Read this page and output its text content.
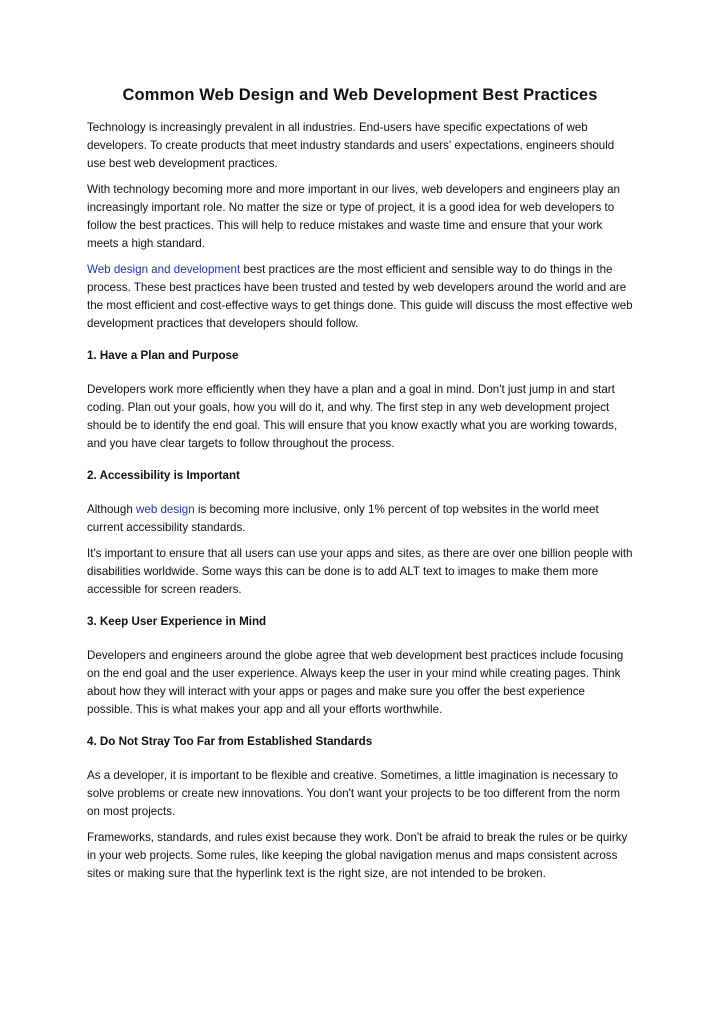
Common Web Design and Web Development Best Practices

Technology is increasingly prevalent in all industries. End-users have specific expectations of web developers. To create products that meet industry standards and users' expectations, engineers should use best web development practices.

With technology becoming more and more important in our lives, web developers and engineers play an increasingly important role. No matter the size or type of project, it is a good idea for web developers to follow the best practices. This will help to reduce mistakes and waste time and ensure that your work meets a high standard.

Web design and development best practices are the most efficient and sensible way to do things in the process. These best practices have been trusted and tested by web developers around the world and are the most efficient and cost-effective ways to get things done. This guide will discuss the most effective web development practices that developers should follow.

1. Have a Plan and Purpose

Developers work more efficiently when they have a plan and a goal in mind. Don't just jump in and start coding. Plan out your goals, how you will do it, and why. The first step in any web development project should be to identify the end goal. This will ensure that you know exactly what you are working towards, and you have clear targets to follow throughout the process.

2. Accessibility is Important

Although web design is becoming more inclusive, only 1% percent of top websites in the world meet current accessibility standards.

It's important to ensure that all users can use your apps and sites, as there are over one billion people with disabilities worldwide. Some ways this can be done is to add ALT text to images to make them more accessible for screen readers.

3. Keep User Experience in Mind

Developers and engineers around the globe agree that web development best practices include focusing on the end goal and the user experience. Always keep the user in your mind while creating pages. Think about how they will interact with your apps or pages and make sure you offer the best experience possible. This is what makes your app and all your efforts worthwhile.

4. Do Not Stray Too Far from Established Standards

As a developer, it is important to be flexible and creative. Sometimes, a little imagination is necessary to solve problems or create new innovations. You don't want your projects to be too different from the norm on most projects.

Frameworks, standards, and rules exist because they work. Don't be afraid to break the rules or be quirky in your web projects. Some rules, like keeping the global navigation menus and maps consistent across sites or making sure that the hyperlink text is the right size, are not intended to be broken.
